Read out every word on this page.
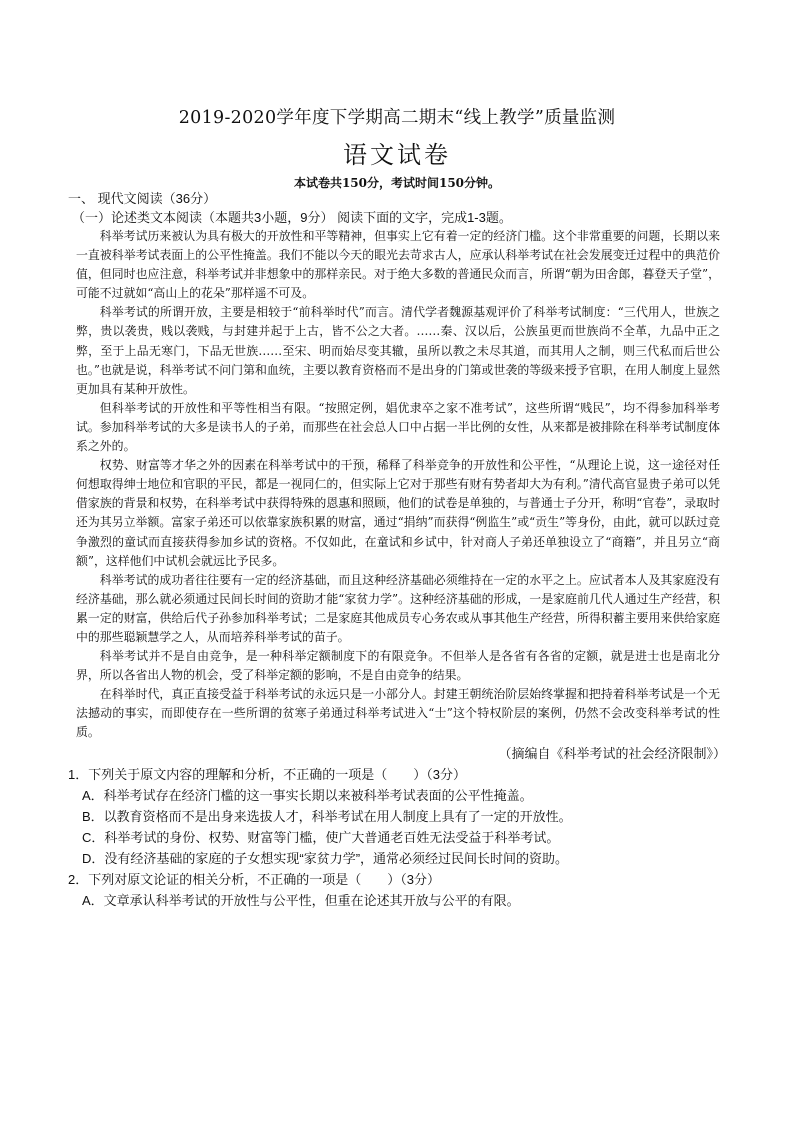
2019-2020学年度下学期高二期末“线上教学”质量监测
语文试卷
本试卷共150分，考试时间150分钟。
一、 现代文阅读（36分）
（一）论述类文本阅读（本题共3小题，9分） 阅读下面的文字，完成1-3题。

科举考试历来被认为具有极大的开放性和平等精神，但事实上它有着一定的经济门槛。这个非常重要的问题，长期以来一直被科举考试表面上的公平性掩盖。我们不能以今天的眼光去苛求古人，应承认科举考试在社会发展变迁过程中的典范价值，但同时也应注意，科举考试并非想象中的那样亲民。对于绝大多数的普通民众而言，所谓“朝为田舍郎，暮登天子堂”，可能不过就如“高山上的花朵”那样遥不可及。

科举考试的所谓开放，主要是相较于“前科举时代”而言。清代学者魏源基观评价了科举考试制度：“三代用人，世族之弊，贵以袭贵，贱以袭贱，与封建并起于上古，皆不公之大者。……秦、汉以后，公族虽更而世族尚不全革，九品中正之弊，至于上品无寒门，下品无世族……至宋、明而始尽变其辙，虽所以教之未尽其道，而其用人之制，则三代私而后世公也。”也就是说，科举考试不问门第和血统，主要以教育资格而不是出身的门第或世袭的等级来授予官职，在用人制度上显然更加具有某种开放性。

但科举考试的开放性和平等性相当有限。“按照定例，娼优隶卒之家不准考试”，这些所谓“贱民”，均不得参加科举考试。参加科举考试的大多是读书人的子弟，而那些在社会总人口中占据一半比例的女性，从来都是被排除在科举考试制度体系之外的。

权势、财富等才华之外的因素在科举考试中的干预，稀释了科举竞争的开放性和公平性，“从理论上说，这一途径对任何想取得绅士地位和官职的平民，都是一视同仁的，但实际上它对于那些有财有势者却大为有利。”清代高官显贵子弟可以凭借家族的背景和权势，在科举考试中获得特殊的恩惠和照顾，他们的试卷是单独的，与普通士子分开，称明“官卷”，录取时还为其另立举额。富家子弟还可以依靠家族积累的财富，通过“捐纳”而获得“例监生”或“贡生”等身份，由此，就可以跃过竞争激烈的童试而直接获得参加乡试的资格。不仅如此，在童试和乡试中，针对商人子弟还单独设立了“商籍”，并且另立“商额”，这样他们中试机会就远比予民多。

科举考试的成功者往往要有一定的经济基础，而且这种经济基础必须维持在一定的水平之上。应试者本人及其家庭没有经济基础，那么就必须通过民间长时间的资助才能“家贫力学”。这种经济基础的形成，一是家庭前几代人通过生产经营，积累一定的财富，供给后代子孙参加科举考试；二是家庭其他成员专心务农或从事其他生产经营，所得积蓄主要用来供给家庭中的那些聪颖慧学之人，从而培养科举考试的苗子。

科举考试并不是自由竞争，是一种科举定额制度下的有限竞争。不但举人是各省有各省的定额，就是进士也是南北分界，所以各省出人物的机会，受了科举定额的影响，不是自由竞争的结果。

在科举时代，真正直接受益于科举考试的永远只是一小部分人。封建王朝统治阶层始终掌握和把持着科举考试是一个无法撼动的事实，而即使存在一些所谓的贫寒子弟通过科举考试进入“士”这个特权阶层的案例，仍然不会改变科举考试的性质。

（摘编自《科举考试的社会经济限制》）
1．下列关于原文内容的理解和分析，不正确的一项是（　　）（3分）
A．科举考试存在经济门槛的这一事实长期以来被科举考试表面的公平性掩盖。
B．以教育资格而不是出身来选拔人才，科举考试在用人制度上具有了一定的开放性。
C．科举考试的身份、权势、财富等门槛，使广大普通老百姓无法受益于科举考试。
D．没有经济基础的家庭的子女想实现“家贫力学”，通常必须经过民间长时间的资助。
2．下列对原文论证的相关分析，不正确的一项是（　　）（3分）
A．文章承认科举考试的开放性与公平性，但重在论述其开放与公平的有限。
